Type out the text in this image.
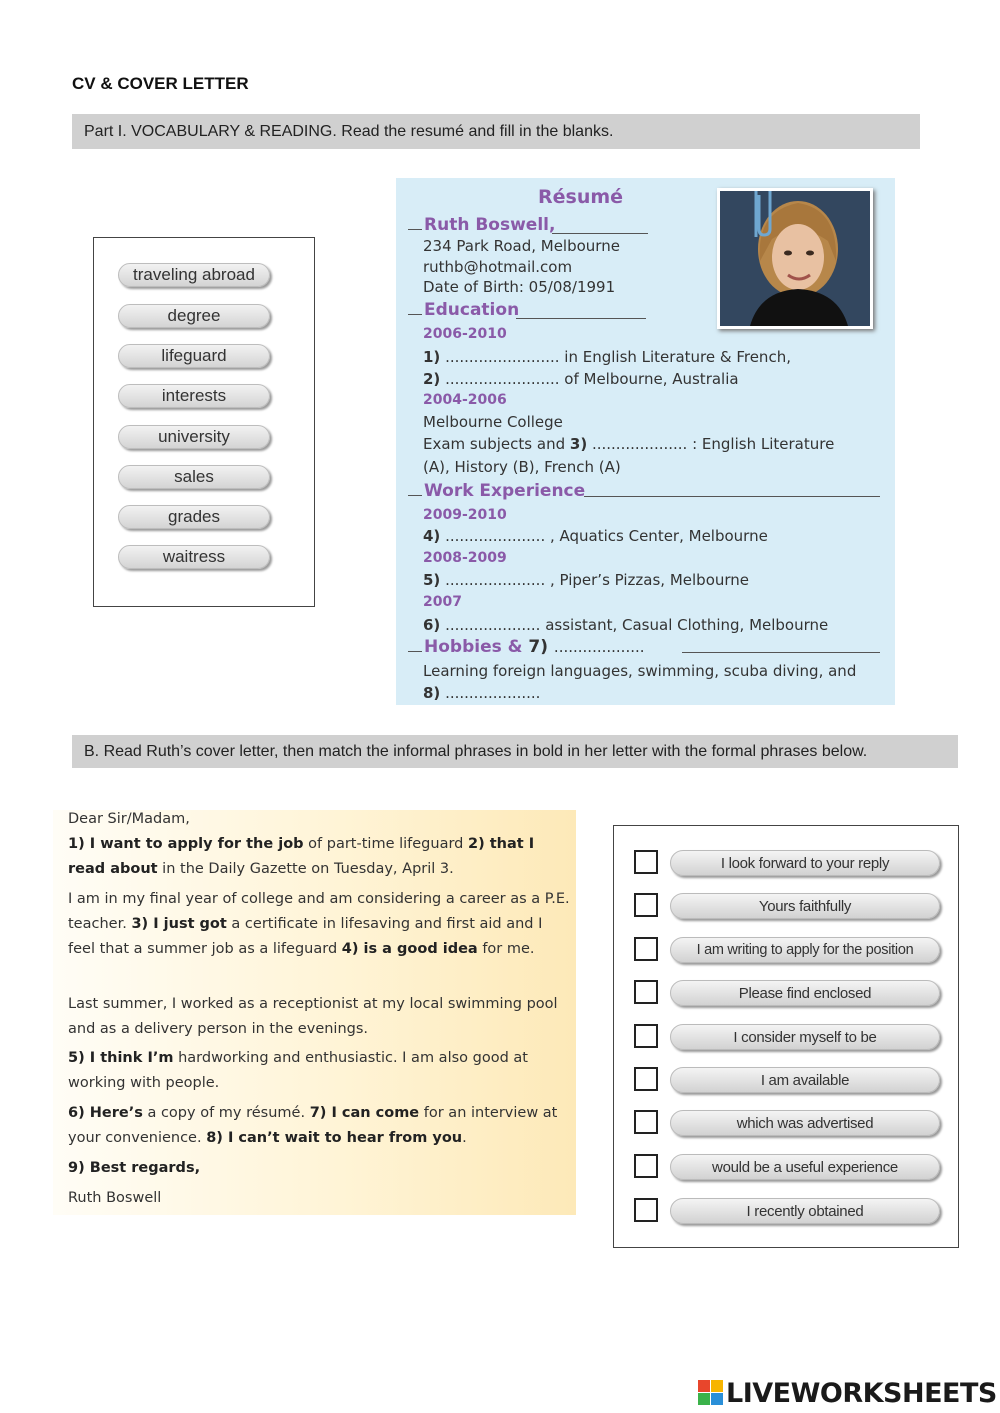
CV & COVER LETTER
Part I. VOCABULARY & READING. Read the resumé and fill in the blanks.
traveling abroad
degree
lifeguard
interests
university
sales
grades
waitress
Résumé
Ruth Boswell,
234 Park Road, Melbourne
ruthb@hotmail.com
Date of Birth: 05/08/1991
Education
2006-2010
1) ........................ in English Literature & French,
2) ........................ of Melbourne, Australia
2004-2006
Melbourne College
Exam subjects and 3) .................... : English Literature
(A), History (B), French (A)
Work Experience
2009-2010
4) ..................... , Aquatics Center, Melbourne
2008-2009
5) ..................... , Piper’s Pizzas, Melbourne
2007
6) .................... assistant, Casual Clothing, Melbourne
Hobbies & 7) ...................
Learning foreign languages, swimming, scuba diving, and
8) ....................
B. Read Ruth’s cover letter, then match the informal phrases in bold in her letter with the formal phrases below.

Dear Sir/Madam,

1) I want to apply for the job of part-time lifeguard 2) that I read about in the Daily Gazette on Tuesday, April 3.

I am in my final year of college and am considering a career as a P.E. teacher. 3) I just got a certificate in lifesaving and first aid and I feel that a summer job as a lifeguard 4) is a good idea for me.

Last summer, I worked as a receptionist at my local swimming pool and as a delivery person in the evenings.

5) I think I’m hardworking and enthusiastic. I am also good at working with people.

6) Here’s a copy of my résumé. 7) I can come for an interview at your convenience. 8) I can’t wait to hear from you.

9) Best regards,

Ruth Boswell

I look forward to your reply
Yours faithfully
I am writing to apply for the position
Please find enclosed
I consider myself to be
I am available
which was advertised
would be a useful experience
I recently obtained
LIVEWORKSHEETS
